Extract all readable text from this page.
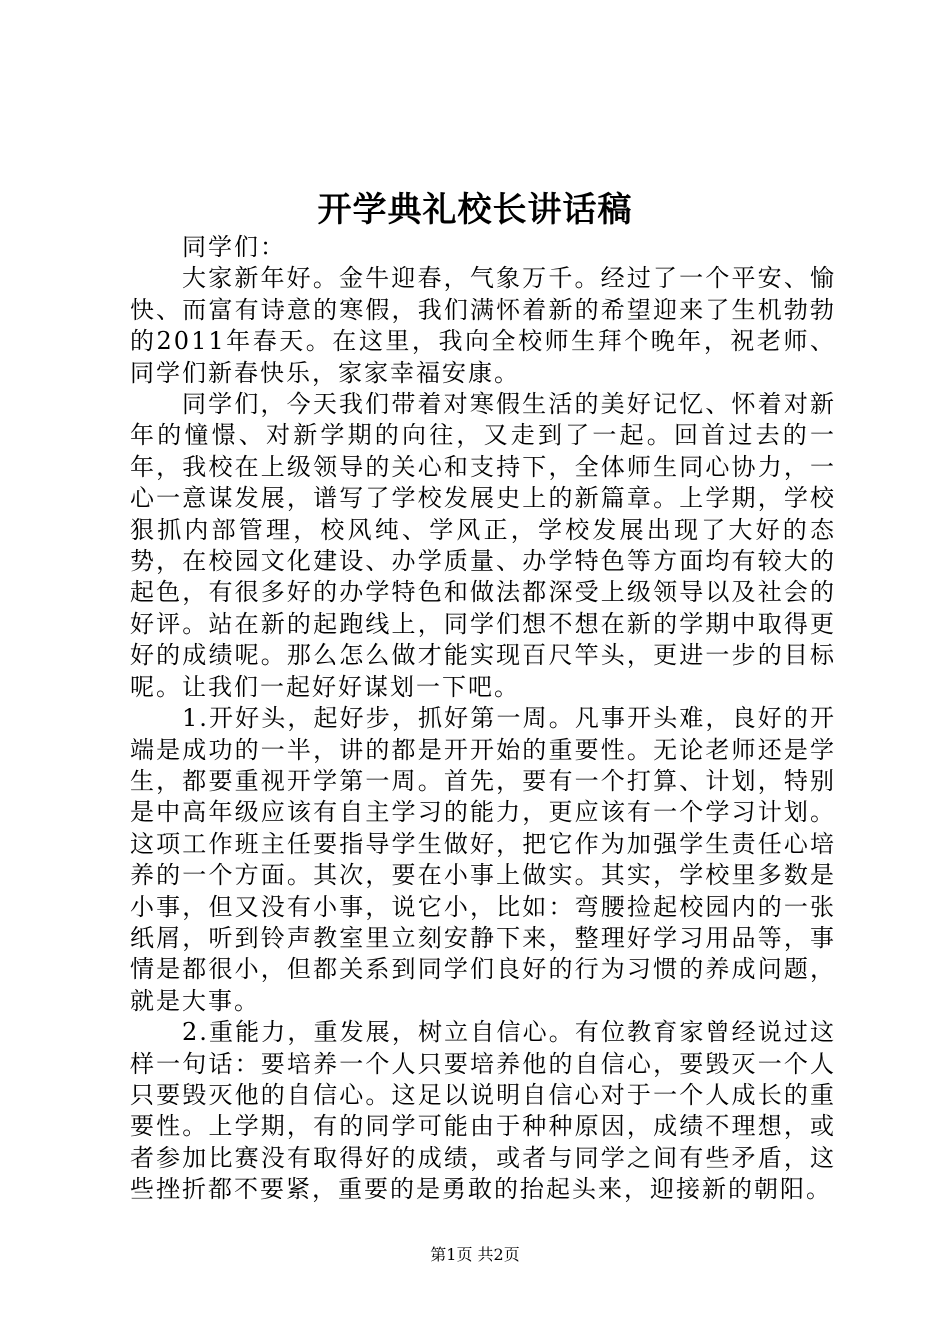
开学典礼校长讲话稿

同学们：

大家新年好。金牛迎春，气象万千。经过了一个平安、愉快、而富有诗意的寒假，我们满怀着新的希望迎来了生机勃勃的2011年春天。在这里，我向全校师生拜个晚年，祝老师、同学们新春快乐，家家幸福安康。

同学们，今天我们带着对寒假生活的美好记忆、怀着对新年的憧憬、对新学期的向往，又走到了一起。回首过去的一年，我校在上级领导的关心和支持下，全体师生同心协力，一心一意谋发展，谱写了学校发展史上的新篇章。上学期，学校狠抓内部管理，校风纯、学风正，学校发展出现了大好的态势，在校园文化建设、办学质量、办学特色等方面均有较大的起色，有很多好的办学特色和做法都深受上级领导以及社会的好评。站在新的起跑线上，同学们想不想在新的学期中取得更好的成绩呢。那么怎么做才能实现百尺竿头，更进一步的目标呢。让我们一起好好谋划一下吧。

1.开好头，起好步，抓好第一周。凡事开头难，良好的开端是成功的一半，讲的都是开开始的重要性。无论老师还是学生，都要重视开学第一周。首先，要有一个打算、计划，特别是中高年级应该有自主学习的能力，更应该有一个学习计划。这项工作班主任要指导学生做好，把它作为加强学生责任心培养的一个方面。其次，要在小事上做实。其实，学校里多数是小事，但又没有小事，说它小，比如：弯腰捡起校园内的一张纸屑，听到铃声教室里立刻安静下来，整理好学习用品等，事情是都很小，但都关系到同学们良好的行为习惯的养成问题，就是大事。

2.重能力，重发展，树立自信心。有位教育家曾经说过这样一句话：要培养一个人只要培养他的自信心，要毁灭一个人只要毁灭他的自信心。这足以说明自信心对于一个人成长的重要性。上学期，有的同学可能由于种种原因，成绩不理想，或者参加比赛没有取得好的成绩，或者与同学之间有些矛盾，这些挫折都不要紧，重要的是勇敢的抬起头来，迎接新的朝阳。

第1页 共2页
